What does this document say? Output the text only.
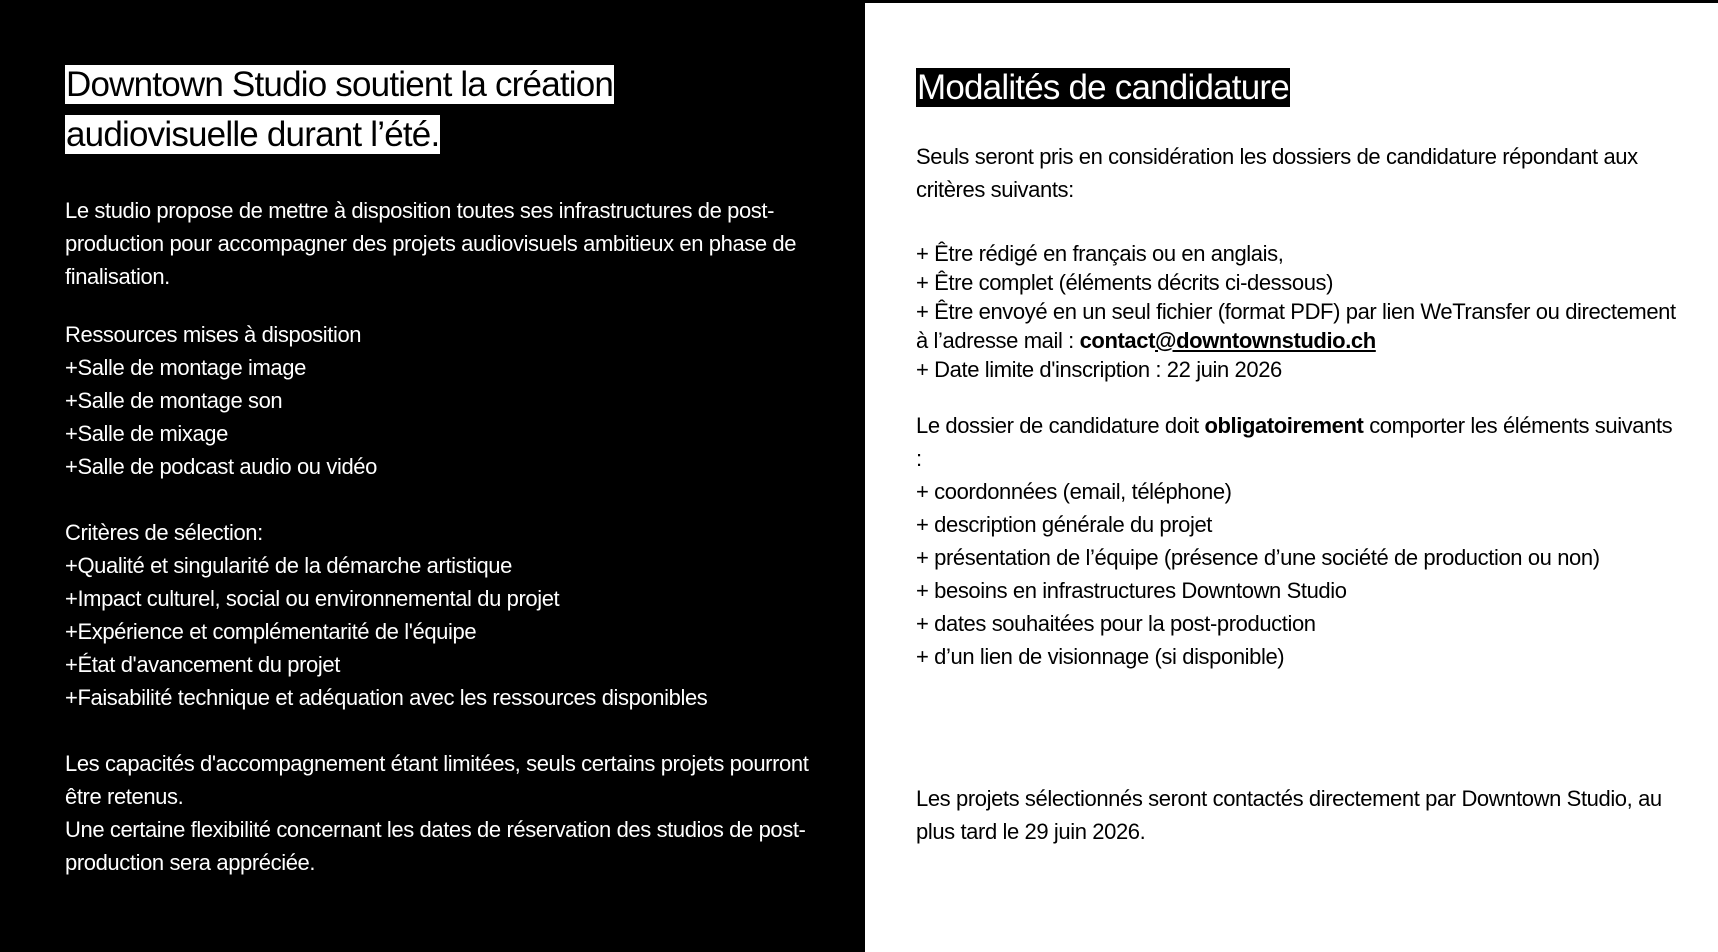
Downtown Studio soutient la création
audiovisuelle durant l’été.

Le studio propose de mettre à disposition toutes ses infrastructures de post-production pour accompagner des projets audiovisuels ambitieux en phase de finalisation.

Ressources mises à disposition

+Salle de montage image
+Salle de montage son
+Salle de mixage
+Salle de podcast audio ou vidéo

Critères de sélection:

+Qualité et singularité de la démarche artistique
+Impact culturel, social ou environnemental du projet
+Expérience et complémentarité de l'équipe
+État d'avancement du projet
+Faisabilité technique et adéquation avec les ressources disponibles

Les capacités d'accompagnement étant limitées, seuls certains projets pourront être retenus.

Une certaine flexibilité concernant les dates de réservation des studios de post-production sera appréciée.

Modalités de candidature

Seuls seront pris en considération les dossiers de candidature répondant aux critères suivants:

+ Être rédigé en français ou en anglais,

+ Être complet (éléments décrits ci-dessous)

+ Être envoyé en un seul fichier (format PDF) par lien WeTransfer ou directement à l’adresse mail : contact@downtownstudio.ch

+ Date limite d'inscription : 22 juin 2026

Le dossier de candidature doit obligatoirement comporter les éléments suivants :

+ coordonnées (email, téléphone)
+ description générale du projet
+ présentation de l’équipe (présence d’une société de production ou non)
+ besoins en infrastructures Downtown Studio
+ dates souhaitées pour la post-production
+ d’un lien de visionnage (si disponible)

Les projets sélectionnés seront contactés directement par Downtown Studio, au plus tard le 29 juin 2026.
